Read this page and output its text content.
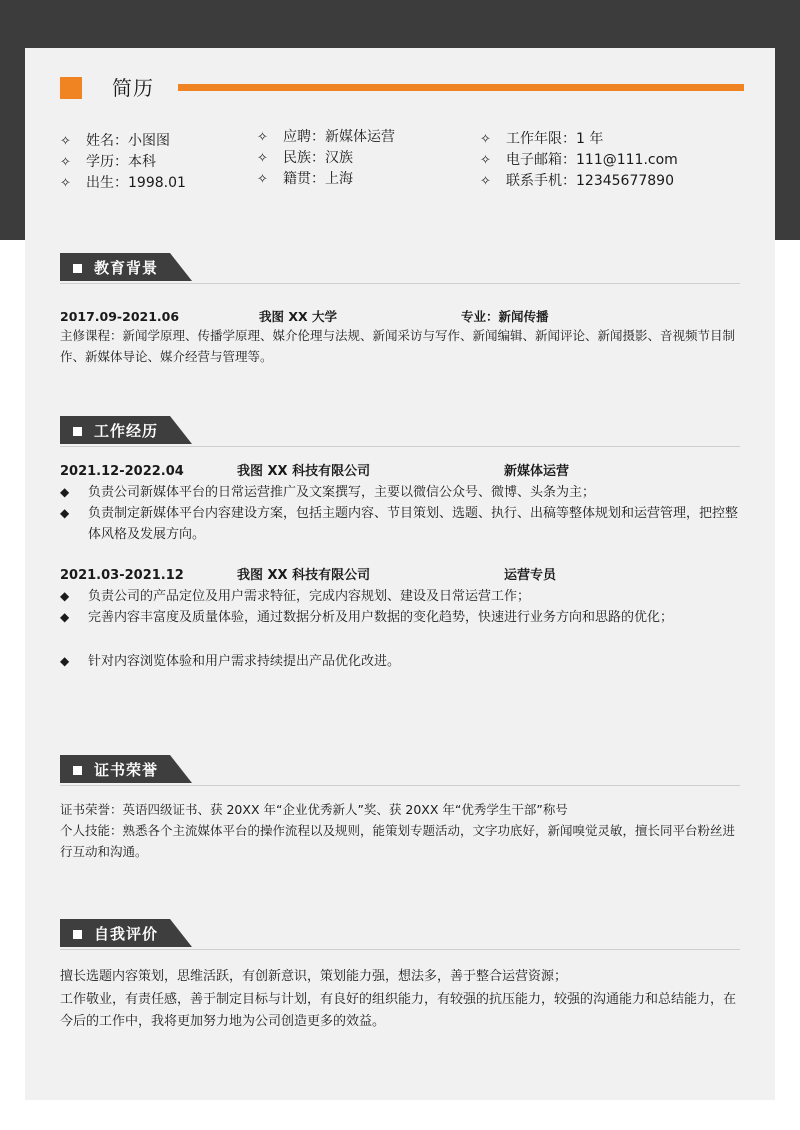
简历
✧ 姓名：小图图
✧ 学历：本科
✧ 出生：1998.01
✧ 应聘：新媒体运营
✧ 民族：汉族
✧ 籍贯：上海
✧ 工作年限：1 年
✧ 电子邮箱：111@111.com
✧ 联系手机：12345677890
教育背景
2017.09-2021.06	我图 XX 大学	专业：新闻传播
主修课程：新闻学原理、传播学原理、媒介伦理与法规、新闻采访与写作、新闻编辑、新闻评论、新闻摄影、音视频节目制作、新媒体导论、媒介经营与管理等。
工作经历
2021.12-2022.04	我图 XX 科技有限公司	新媒体运营
◆ 负责公司新媒体平台的日常运营推广及文案撰写，主要以微信公众号、微博、头条为主；
◆ 负责制定新媒体平台内容建设方案，包括主题内容、节目策划、选题、执行、出稿等整体规划和运营管理，把控整体风格及发展方向。
2021.03-2021.12	我图 XX 科技有限公司	运营专员
◆ 负责公司的产品定位及用户需求特征，完成内容规划、建设及日常运营工作；
◆ 完善内容丰富度及质量体验，通过数据分析及用户数据的变化趋势，快速进行业务方向和思路的优化；
◆ 针对内容浏览体验和用户需求持续提出产品优化改进。
证书荣誉
证书荣誉：英语四级证书、获 20XX 年“企业优秀新人”奖、获 20XX 年“优秀学生干部”称号
个人技能：熟悉各个主流媒体平台的操作流程以及规则，能策划专题活动，文字功底好，新闻嗅觉灵敏，擅长同平台粉丝进行互动和沟通。
自我评价
擅长选题内容策划，思维活跃，有创新意识，策划能力强，想法多，善于整合运营资源；
工作敬业，有责任感，善于制定目标与计划，有良好的组织能力，有较强的抗压能力，较强的沟通能力和总结能力，在今后的工作中，我将更加努力地为公司创造更多的效益。
